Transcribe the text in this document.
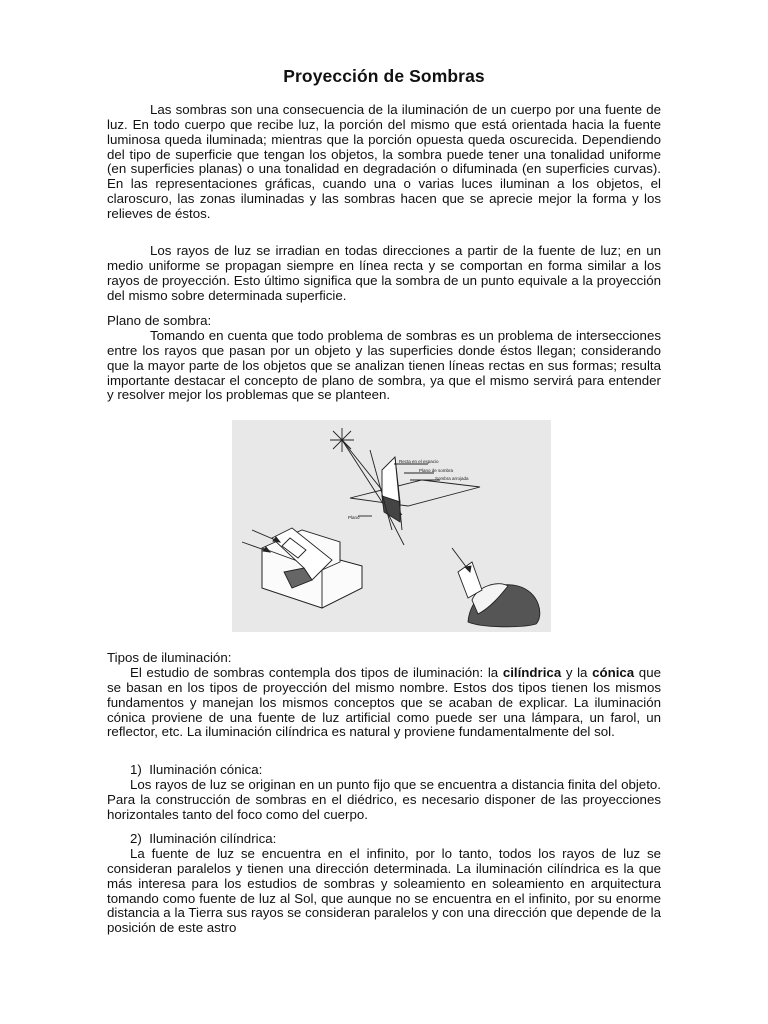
Proyección de Sombras

Las sombras son una consecuencia de la iluminación de un cuerpo por una fuente de luz. En todo cuerpo que recibe luz, la porción del mismo que está orientada hacia la fuente luminosa queda iluminada; mientras que la porción opuesta queda oscurecida. Dependiendo del tipo de superficie que tengan los objetos, la sombra puede tener una tonalidad uniforme (en superficies planas) o una tonalidad en degradación o difuminada (en superficies curvas). En las representaciones gráficas, cuando una o varias luces iluminan a los objetos, el claroscuro, las zonas iluminadas y las sombras hacen que se aprecie mejor la forma y los relieves de éstos.

Los rayos de luz se irradian en todas direcciones a partir de la fuente de luz; en un medio uniforme se propagan siempre en línea recta y se comportan en forma similar a los rayos de proyección. Esto último significa que la sombra de un punto equivale a la proyección del mismo sobre determinada superficie.

Plano de sombra:

Tomando en cuenta que todo problema de sombras es un problema de intersecciones entre los rayos que pasan por un objeto y las superficies donde éstos llegan; considerando que la mayor parte de los objetos que se analizan tienen líneas rectas en sus formas; resulta importante destacar el concepto de plano de sombra, ya que el mismo servirá para entender y resolver mejor los problemas que se planteen.

Tipos de iluminación:

El estudio de sombras contempla dos tipos de iluminación: la cilíndrica y la cónica que se basan en los tipos de proyección del mismo nombre. Estos dos tipos tienen los mismos fundamentos y manejan los mismos conceptos que se acaban de explicar. La iluminación cónica proviene de una fuente de luz artificial como puede ser una lámpara, un farol, un reflector, etc. La iluminación cilíndrica es natural y proviene fundamentalmente del sol.

1)  Iluminación cónica:

Los rayos de luz se originan en un punto fijo que se encuentra a distancia finita del objeto. Para la construcción de sombras en el diédrico, es necesario disponer de las proyecciones horizontales tanto del foco como del cuerpo.

2)  Iluminación cilíndrica:

La fuente de luz se encuentra en el infinito, por lo tanto, todos los rayos de luz se consideran paralelos y tienen una dirección determinada. La iluminación cilíndrica es la que más interesa para los estudios de sombras y soleamiento en soleamiento en arquitectura tomando como fuente de luz al Sol, que aunque no se encuentra en el infinito, por su enorme distancia a la Tierra sus rayos se consideran paralelos y con una dirección que depende de la posición de este astro

Recta en el espacio
Plano de sombra
Sombra arrojada
Plano
